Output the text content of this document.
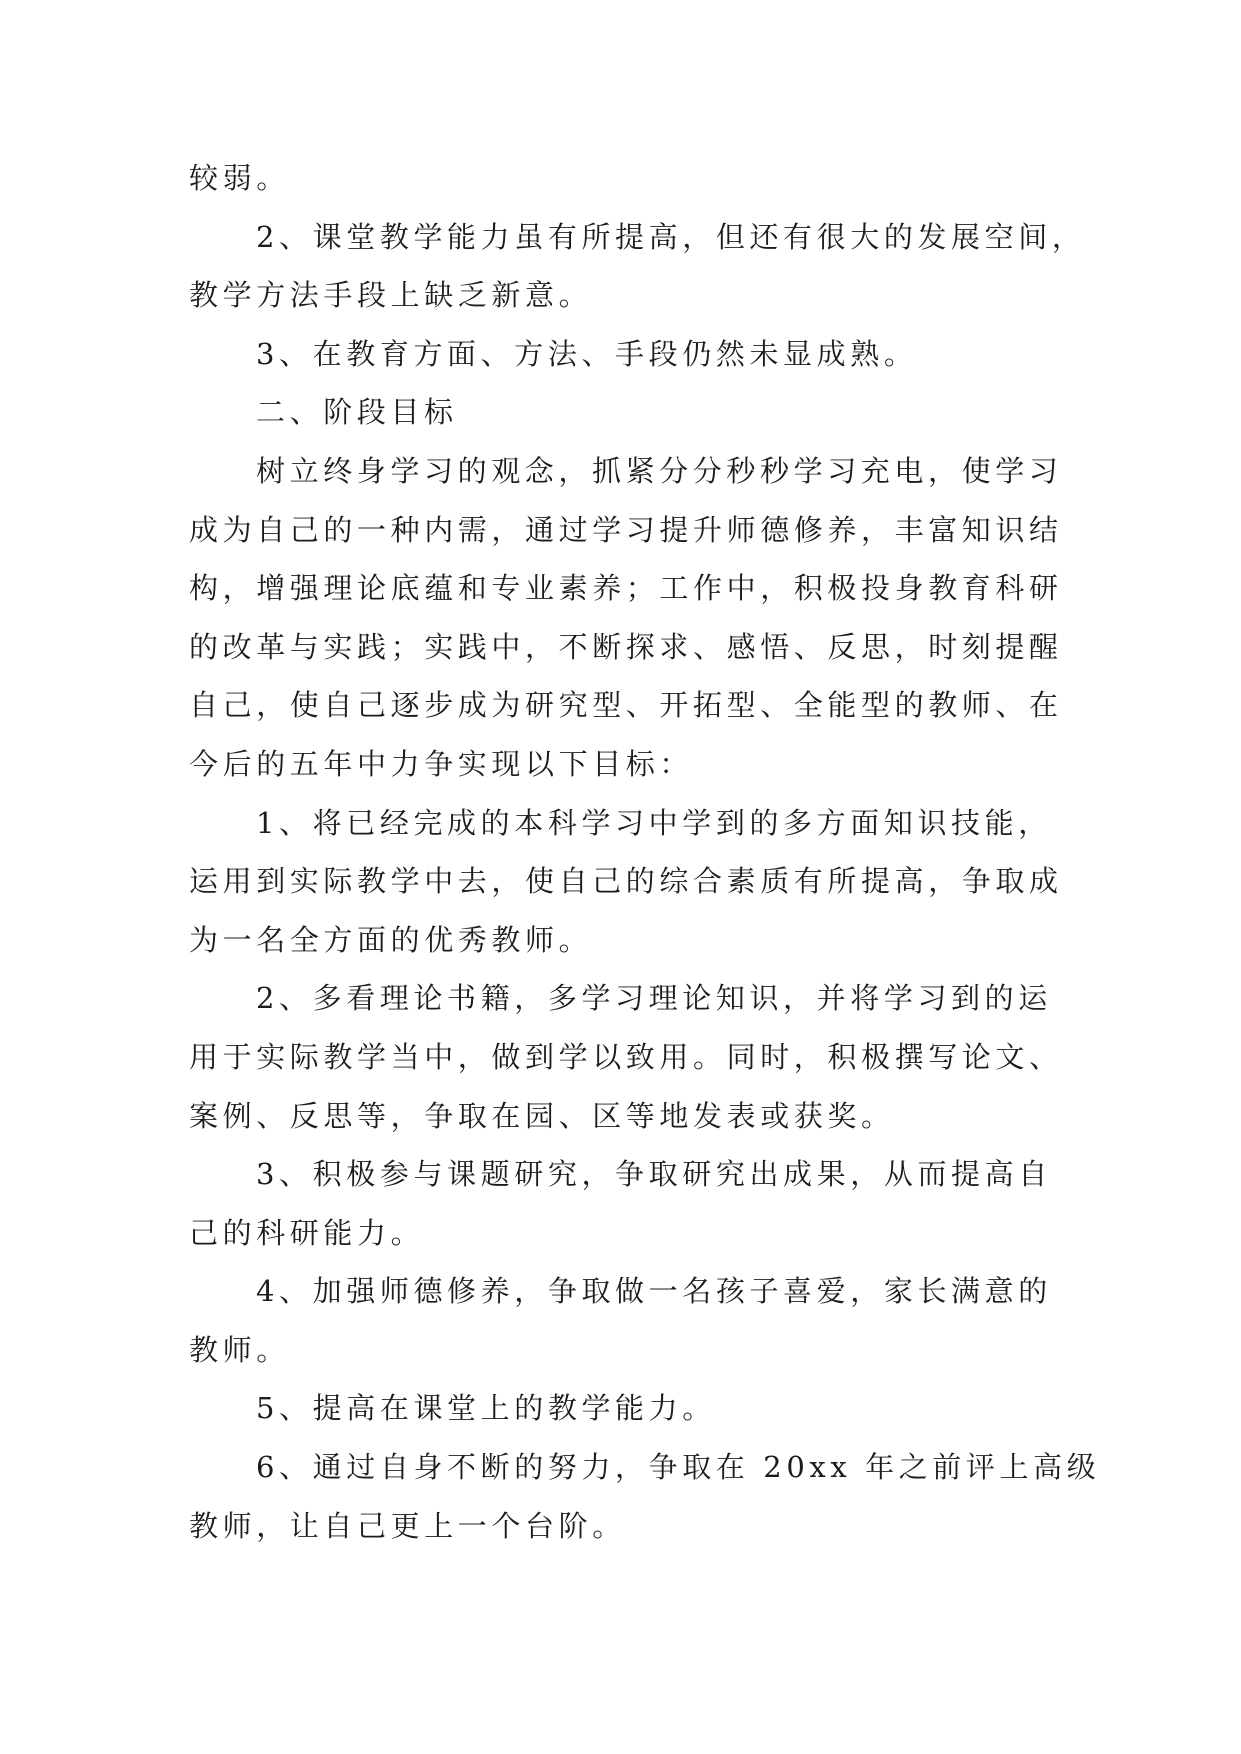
较弱。
2、课堂教学能力虽有所提高，但还有很大的发展空间，
教学方法手段上缺乏新意。
3、在教育方面、方法、手段仍然未显成熟。
二、阶段目标
树立终身学习的观念，抓紧分分秒秒学习充电，使学习
成为自己的一种内需，通过学习提升师德修养，丰富知识结
构，增强理论底蕴和专业素养；工作中，积极投身教育科研
的改革与实践；实践中，不断探求、感悟、反思，时刻提醒
自己，使自己逐步成为研究型、开拓型、全能型的教师、在
今后的五年中力争实现以下目标：
1、将已经完成的本科学习中学到的多方面知识技能，
运用到实际教学中去，使自己的综合素质有所提高，争取成
为一名全方面的优秀教师。
2、多看理论书籍，多学习理论知识，并将学习到的运
用于实际教学当中，做到学以致用。同时，积极撰写论文、
案例、反思等，争取在园、区等地发表或获奖。
3、积极参与课题研究，争取研究出成果，从而提高自
己的科研能力。
4、加强师德修养，争取做一名孩子喜爱，家长满意的
教师。
5、提高在课堂上的教学能力。
6、通过自身不断的努力，争取在 20xx 年之前评上高级
教师，让自己更上一个台阶。
